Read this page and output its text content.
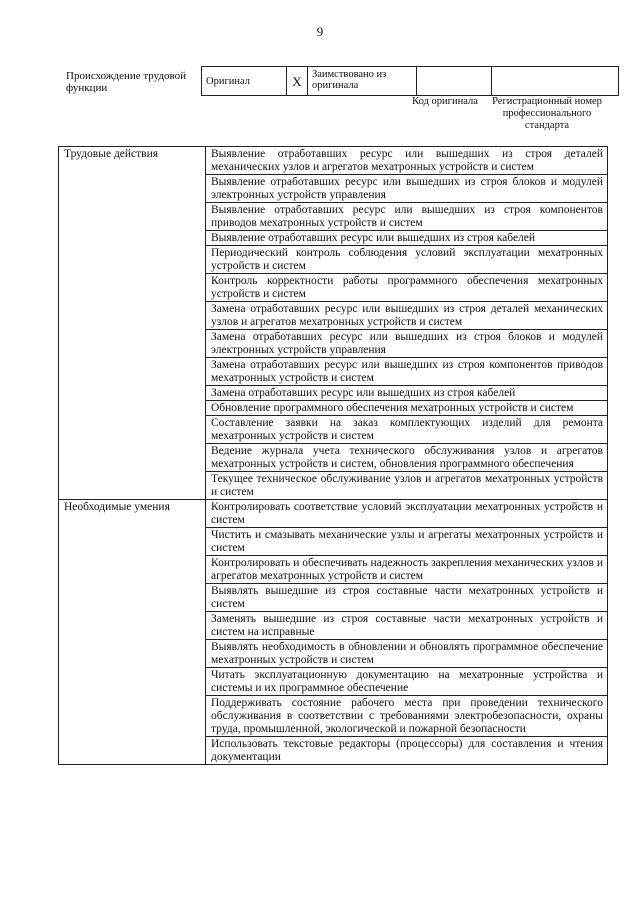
9
Происхождение трудовой функции
Оригинал	X	Заимствовано из оригинала		
Код оригинала	Регистрационный номер профессионального стандарта
Трудовые действия	Выявление отработавших ресурс или вышедших из строя деталей механических узлов и агрегатов мехатронных устройств и систем
	Выявление отработавших ресурс или вышедших из строя блоков и модулей электронных устройств управления
	Выявление отработавших ресурс или вышедших из строя компонентов приводов мехатронных устройств и систем
	Выявление отработавших ресурс или вышедших из строя кабелей
	Периодический контроль соблюдения условий эксплуатации мехатронных устройств и систем
	Контроль корректности работы программного обеспечения мехатронных устройств и систем
	Замена отработавших ресурс или вышедших из строя деталей механических узлов и агрегатов мехатронных устройств и систем
	Замена отработавших ресурс или вышедших из строя блоков и модулей электронных устройств управления
	Замена отработавших ресурс или вышедших из строя компонентов приводов мехатронных устройств и систем
	Замена отработавших ресурс или вышедших из строя кабелей
	Обновление программного обеспечения мехатронных устройств и систем
	Составление заявки на заказ комплектующих изделий для ремонта мехатронных устройств и систем
	Ведение журнала учета технического обслуживания узлов и агрегатов мехатронных устройств и систем, обновления программного обеспечения
	Текущее техническое обслуживание узлов и агрегатов мехатронных устройств и систем
Необходимые умения	Контролировать соответствие условий эксплуатации мехатронных устройств и систем
	Чистить и смазывать механические узлы и агрегаты мехатронных устройств и систем
	Контролировать и обеспечивать надежность закрепления механических узлов и агрегатов мехатронных устройств и систем
	Выявлять вышедшие из строя составные части мехатронных устройств и систем
	Заменять вышедшие из строя составные части мехатронных устройств и систем на исправные
	Выявлять необходимость в обновлении и обновлять программное обеспечение мехатронных устройств и систем
	Читать эксплуатационную документацию на мехатронные устройства и системы и их программное обеспечение
	Поддерживать состояние рабочего места при проведении технического обслуживания в соответствии с требованиями электробезопасности, охраны труда, промышленной, экологической и пожарной безопасности
	Использовать текстовые редакторы (процессоры) для составления и чтения документации
